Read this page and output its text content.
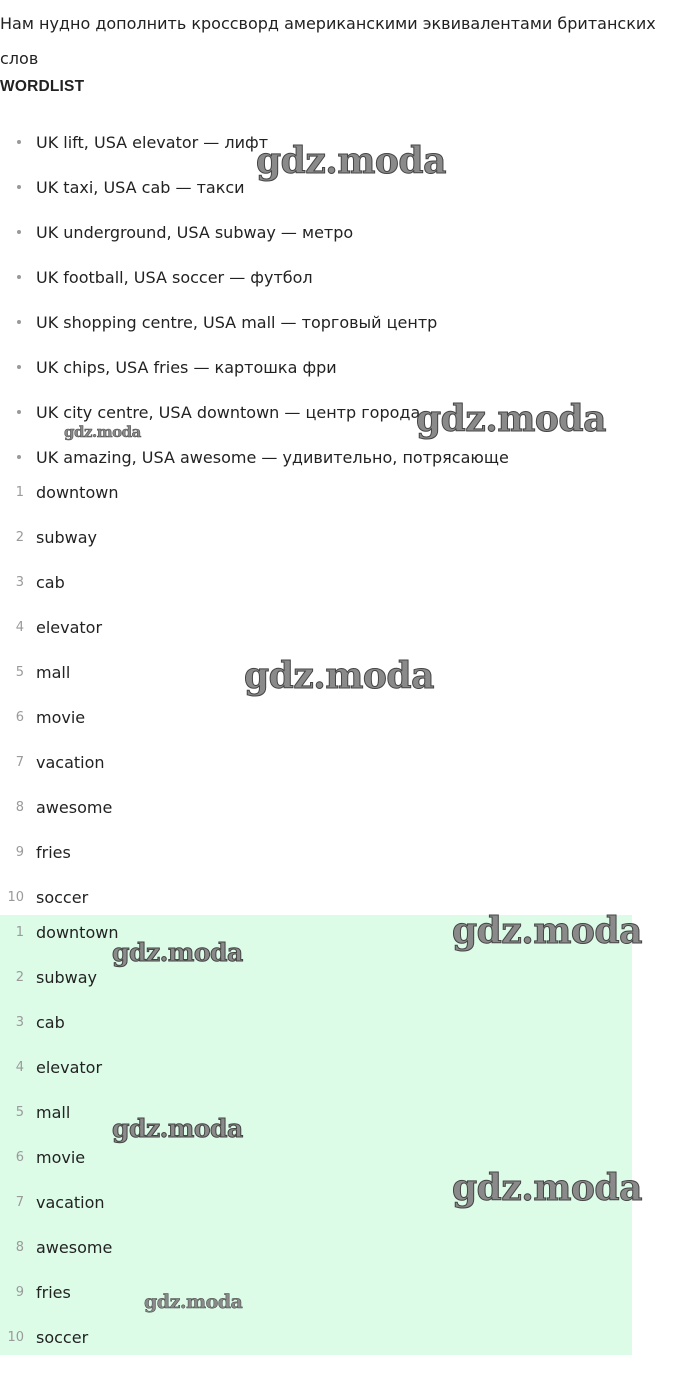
Нам нудно дополнить кроссворд американскими эквивалентами британских слов

WORDLIST
UK lift, USA elevator — лифт
UK taxi, USA cab — такси
UK underground, USA subway — метро
UK football, USA soccer — футбол
UK shopping centre, USA mall — торговый центр
UK chips, USA fries — картошка фри
UK city centre, USA downtown — центр города
UK amazing, USA awesome — удивительно, потрясающе
1 downtown
2 subway
3 cab
4 elevator
5 mall
6 movie
7 vacation
8 awesome
9 fries
10 soccer
1 downtown
2 subway
3 cab
4 elevator
5 mall
6 movie
7 vacation
8 awesome
9 fries
10 soccer
gdz.moda
gdz.moda
gdz.moda
gdz.moda
gdz.moda
gdz.moda
gdz.moda
gdz.moda
gdz.moda
